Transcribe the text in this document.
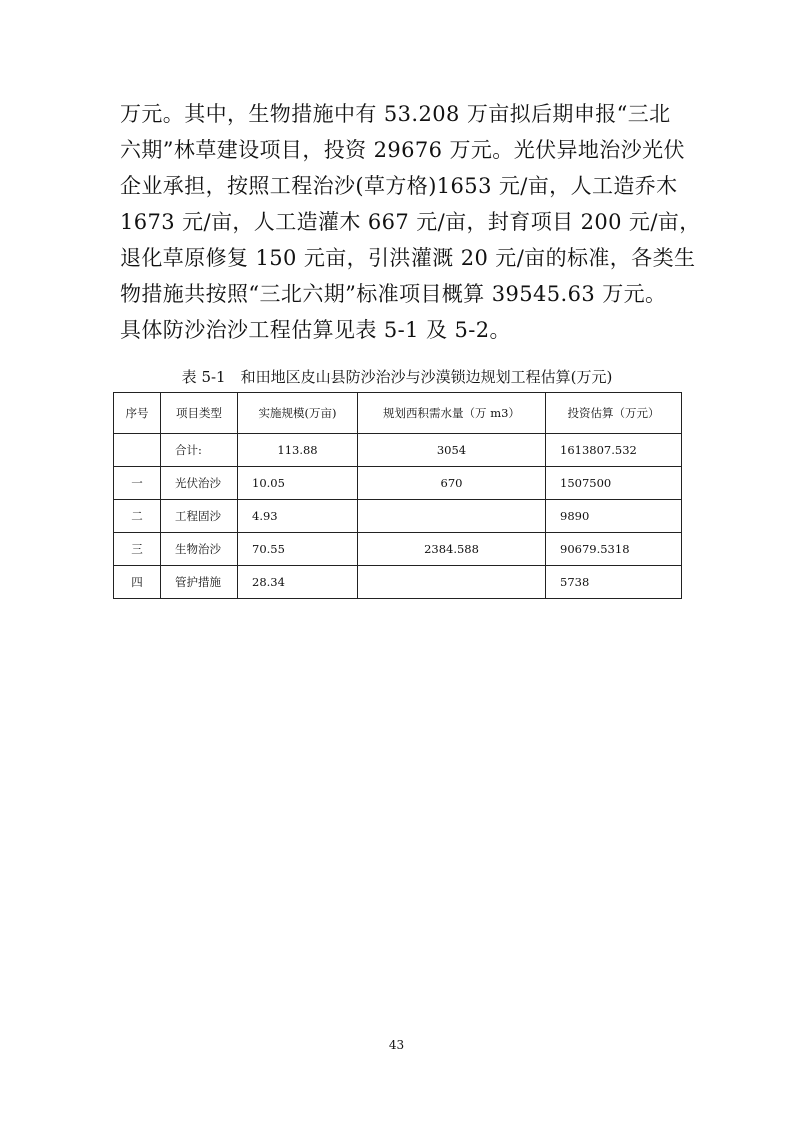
万元。其中，生物措施中有 53.208 万亩拟后期申报“三北
六期”林草建设项目，投资 29676 万元。光伏异地治沙光伏
企业承担，按照工程治沙(草方格)1653 元/亩，人工造乔木
1673 元/亩，人工造灌木 667 元/亩，封育项目 200 元/亩，
退化草原修复 150 元亩，引洪灌溉 20 元/亩的标准，各类生
物措施共按照“三北六期”标准项目概算 39545.63 万元。
具体防沙治沙工程估算见表 5-1 及 5-2。
表 5-1　和田地区皮山县防沙治沙与沙漠锁边规划工程估算(万元)
序号	项目类型	实施规模(万亩)	规划西积需水量（万 m3）	投资估算（万元）
	合计:	113.88	3054	1613807.532
一	光伏治沙	10.05	670	1507500
二	工程固沙	4.93		9890
三	生物治沙	70.55	2384.588	90679.5318
四	管护措施	28.34		5738
43
